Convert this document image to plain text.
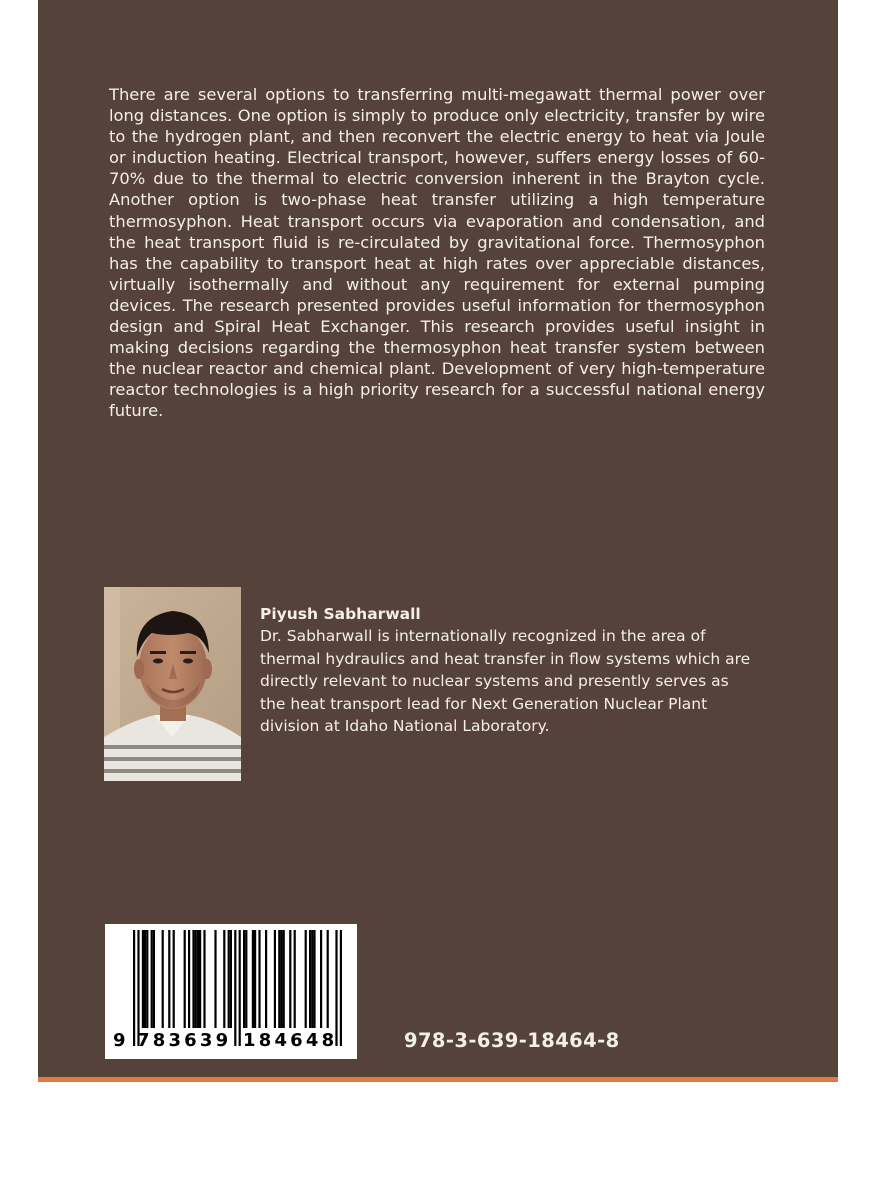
There are several options to transferring multi-megawatt thermal power over long distances. One option is simply to produce only electricity, transfer by wire to the hydrogen plant, and then reconvert the electric energy to heat via Joule or induction heating. Electrical transport, however, suffers energy losses of 60-70% due to the thermal to electric conversion inherent in the Brayton cycle. Another option is two-phase heat transfer utilizing a high temperature thermosyphon. Heat transport occurs via evaporation and condensation, and the heat transport fluid is re-circulated by gravitational force. Thermosyphon has the capability to transport heat at high rates over appreciable distances, virtually isothermally and without any requirement for external pumping devices. The research presented provides useful information for thermosyphon design and Spiral Heat Exchanger. This research provides useful insight in making decisions regarding the thermosyphon heat transfer system between the nuclear reactor and chemical plant. Development of very high-temperature reactor technologies is a high priority research for a successful national energy future.

Piyush Sabharwall

Dr. Sabharwall is internationally recognized in the area of thermal hydraulics and heat transfer in flow systems which are directly relevant to nuclear systems and presently serves as the heat transport lead for Next Generation Nuclear Plant division at Idaho National Laboratory.

9 783639 184648	978-3-639-18464-8
